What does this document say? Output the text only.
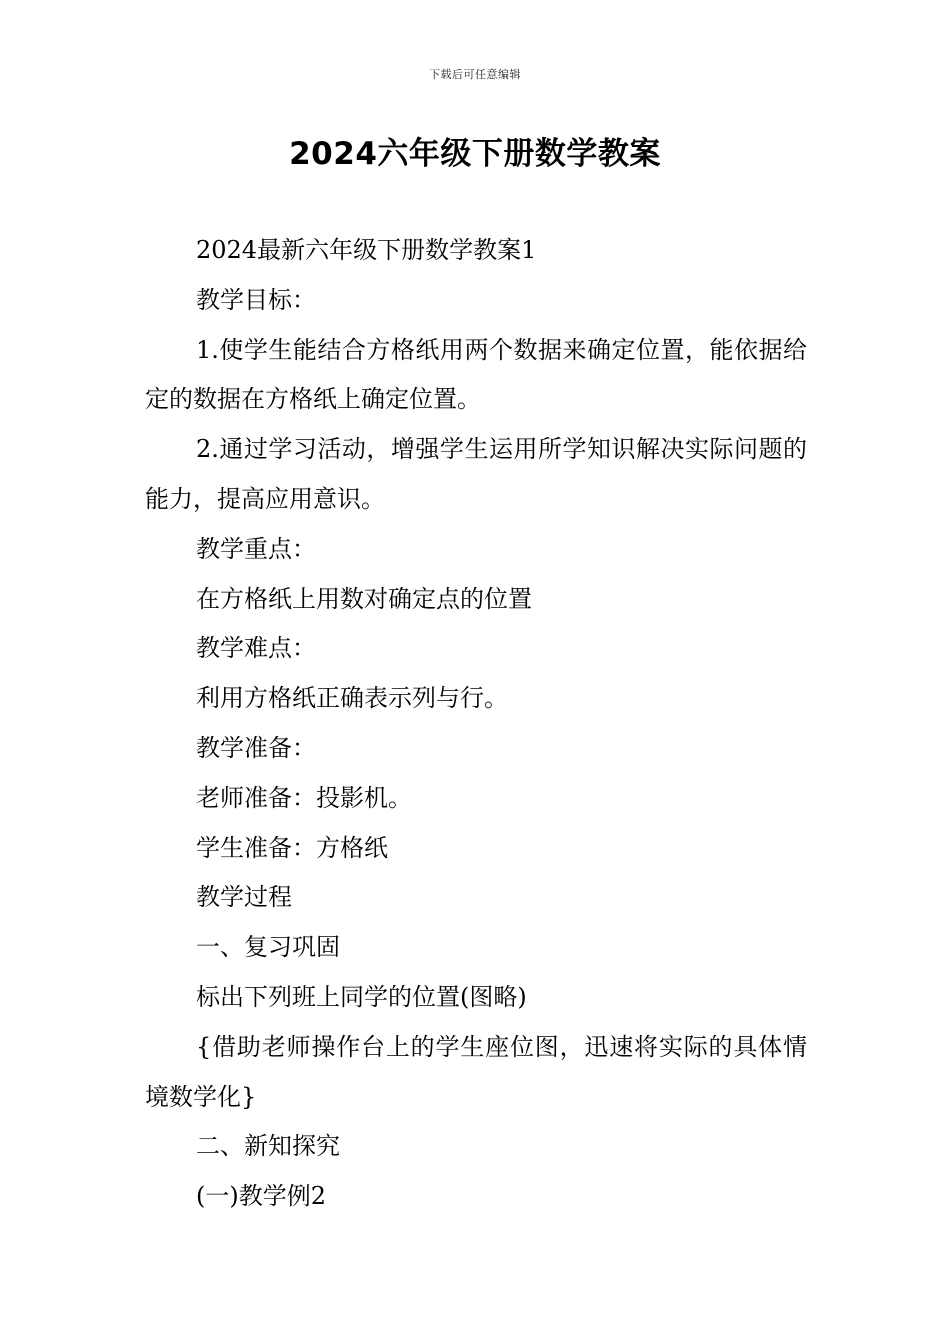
下载后可任意编辑
2024六年级下册数学教案

2024最新六年级下册数学教案1

教学目标：

1.使学生能结合方格纸用两个数据来确定位置，能依据给定的数据在方格纸上确定位置。

2.通过学习活动，增强学生运用所学知识解决实际问题的能力，提高应用意识。

教学重点：

在方格纸上用数对确定点的位置

教学难点：

利用方格纸正确表示列与行。

教学准备：

老师准备：投影机。

学生准备：方格纸

教学过程

一、复习巩固

标出下列班上同学的位置(图略)

{借助老师操作台上的学生座位图，迅速将实际的具体情境数学化}

二、新知探究

(一)教学例2
